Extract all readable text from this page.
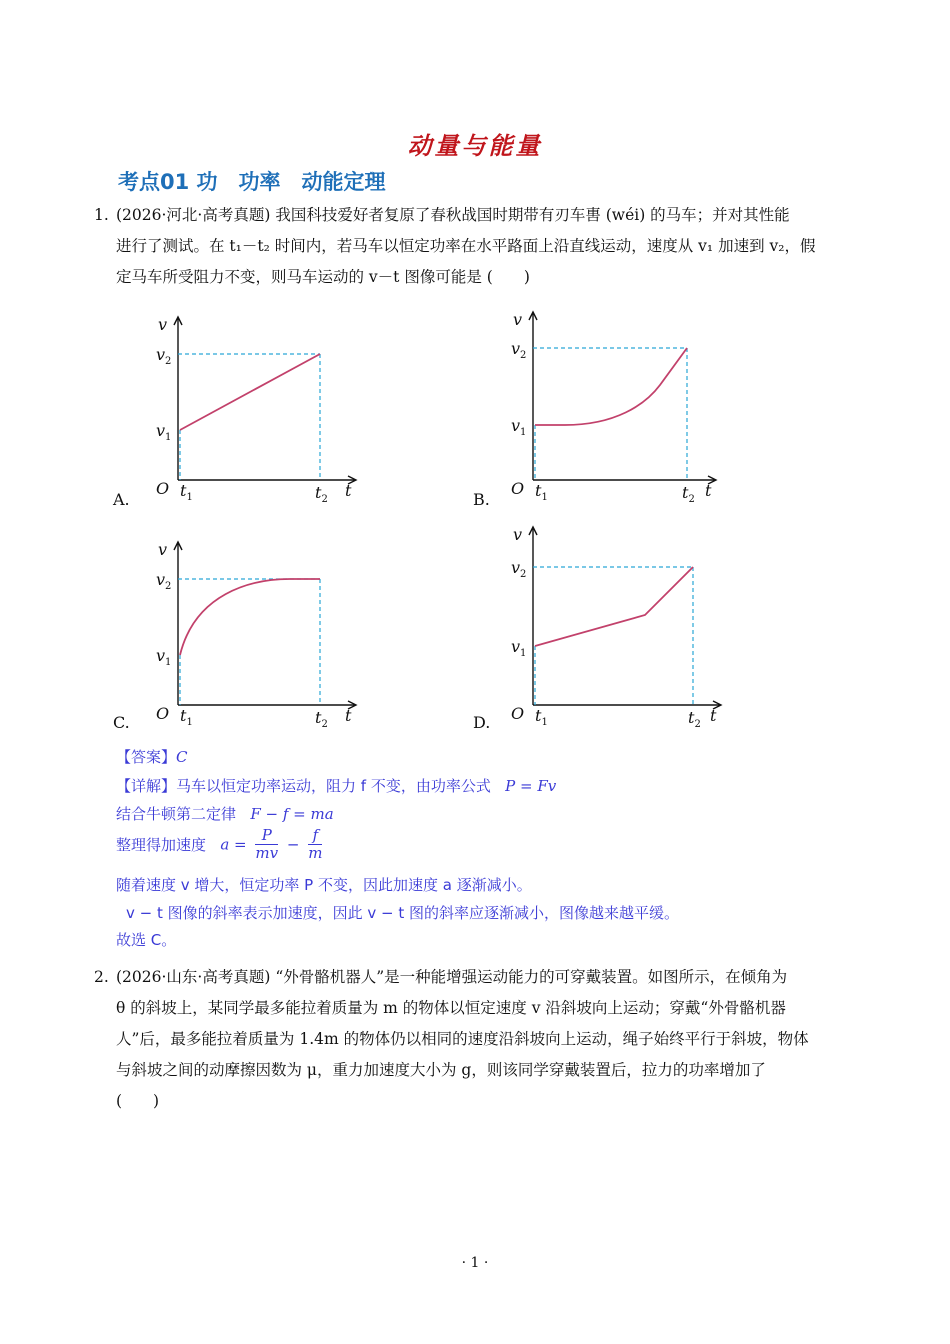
动量与能量
考点01 功　功率　动能定理
1. (2026·河北·高考真题) 我国科技爱好者复原了春秋战国时期带有刃车軎 (wéi) 的马车；并对其性能
进行了测试。在 t₁－t₂ 时间内，若马车以恒定功率在水平路面上沿直线运动，速度从 v₁ 加速到 v₂，假
定马车所受阻力不变，则马车运动的 v－t 图像可能是 (　　)
A.	B.
C.	D.
v
$v_2$
$v_1$
O $t_1$	$t_2$ t
v
$v_2$
$v_1$
O $t_1$	$t_2$ t
v
$v_2$
$v_1$
O $t_1$	$t_2$ t
v
$v_2$
$v_1$
O $t_1$	$t_2$ t
【答案】C
【详解】马车以恒定功率运动，阻力 f 不变，由功率公式 P = Fv
结合牛顿第二定律 F − f = ma
整理得加速度 $a = \frac{P}{mv} - \frac{f}{m}$
随着速度 v 增大，恒定功率 P 不变，因此加速度 a 逐渐减小。
v − t 图像的斜率表示加速度，因此 v − t 图的斜率应逐渐减小，图像越来越平缓。
故选 C。
2. (2026·山东·高考真题) “外骨骼机器人”是一种能增强运动能力的可穿戴装置。如图所示，在倾角为
θ 的斜坡上，某同学最多能拉着质量为 m 的物体以恒定速度 v 沿斜坡向上运动；穿戴“外骨骼机器
人”后，最多能拉着质量为 1.4m 的物体仍以相同的速度沿斜坡向上运动，绳子始终平行于斜坡，物体
与斜坡之间的动摩擦因数为 μ，重力加速度大小为 g，则该同学穿戴装置后，拉力的功率增加了
(　　)
· 1 ·
